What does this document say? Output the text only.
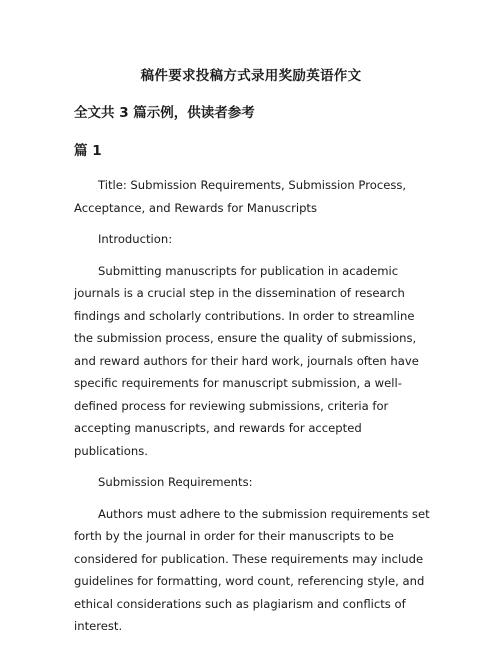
稿件要求投稿方式录用奖励英语作文
全文共 3 篇示例，供读者参考
篇 1

Title: Submission Requirements, Submission Process, Acceptance, and Rewards for Manuscripts

Introduction:

Submitting manuscripts for publication in academic journals is a crucial step in the dissemination of research findings and scholarly contributions. In order to streamline the submission process, ensure the quality of submissions, and reward authors for their hard work, journals often have specific requirements for manuscript submission, a well-defined process for reviewing submissions, criteria for accepting manuscripts, and rewards for accepted publications.

Submission Requirements:

Authors must adhere to the submission requirements set forth by the journal in order for their manuscripts to be considered for publication. These requirements may include guidelines for formatting, word count, referencing style, and ethical considerations such as plagiarism and conflicts of interest.
